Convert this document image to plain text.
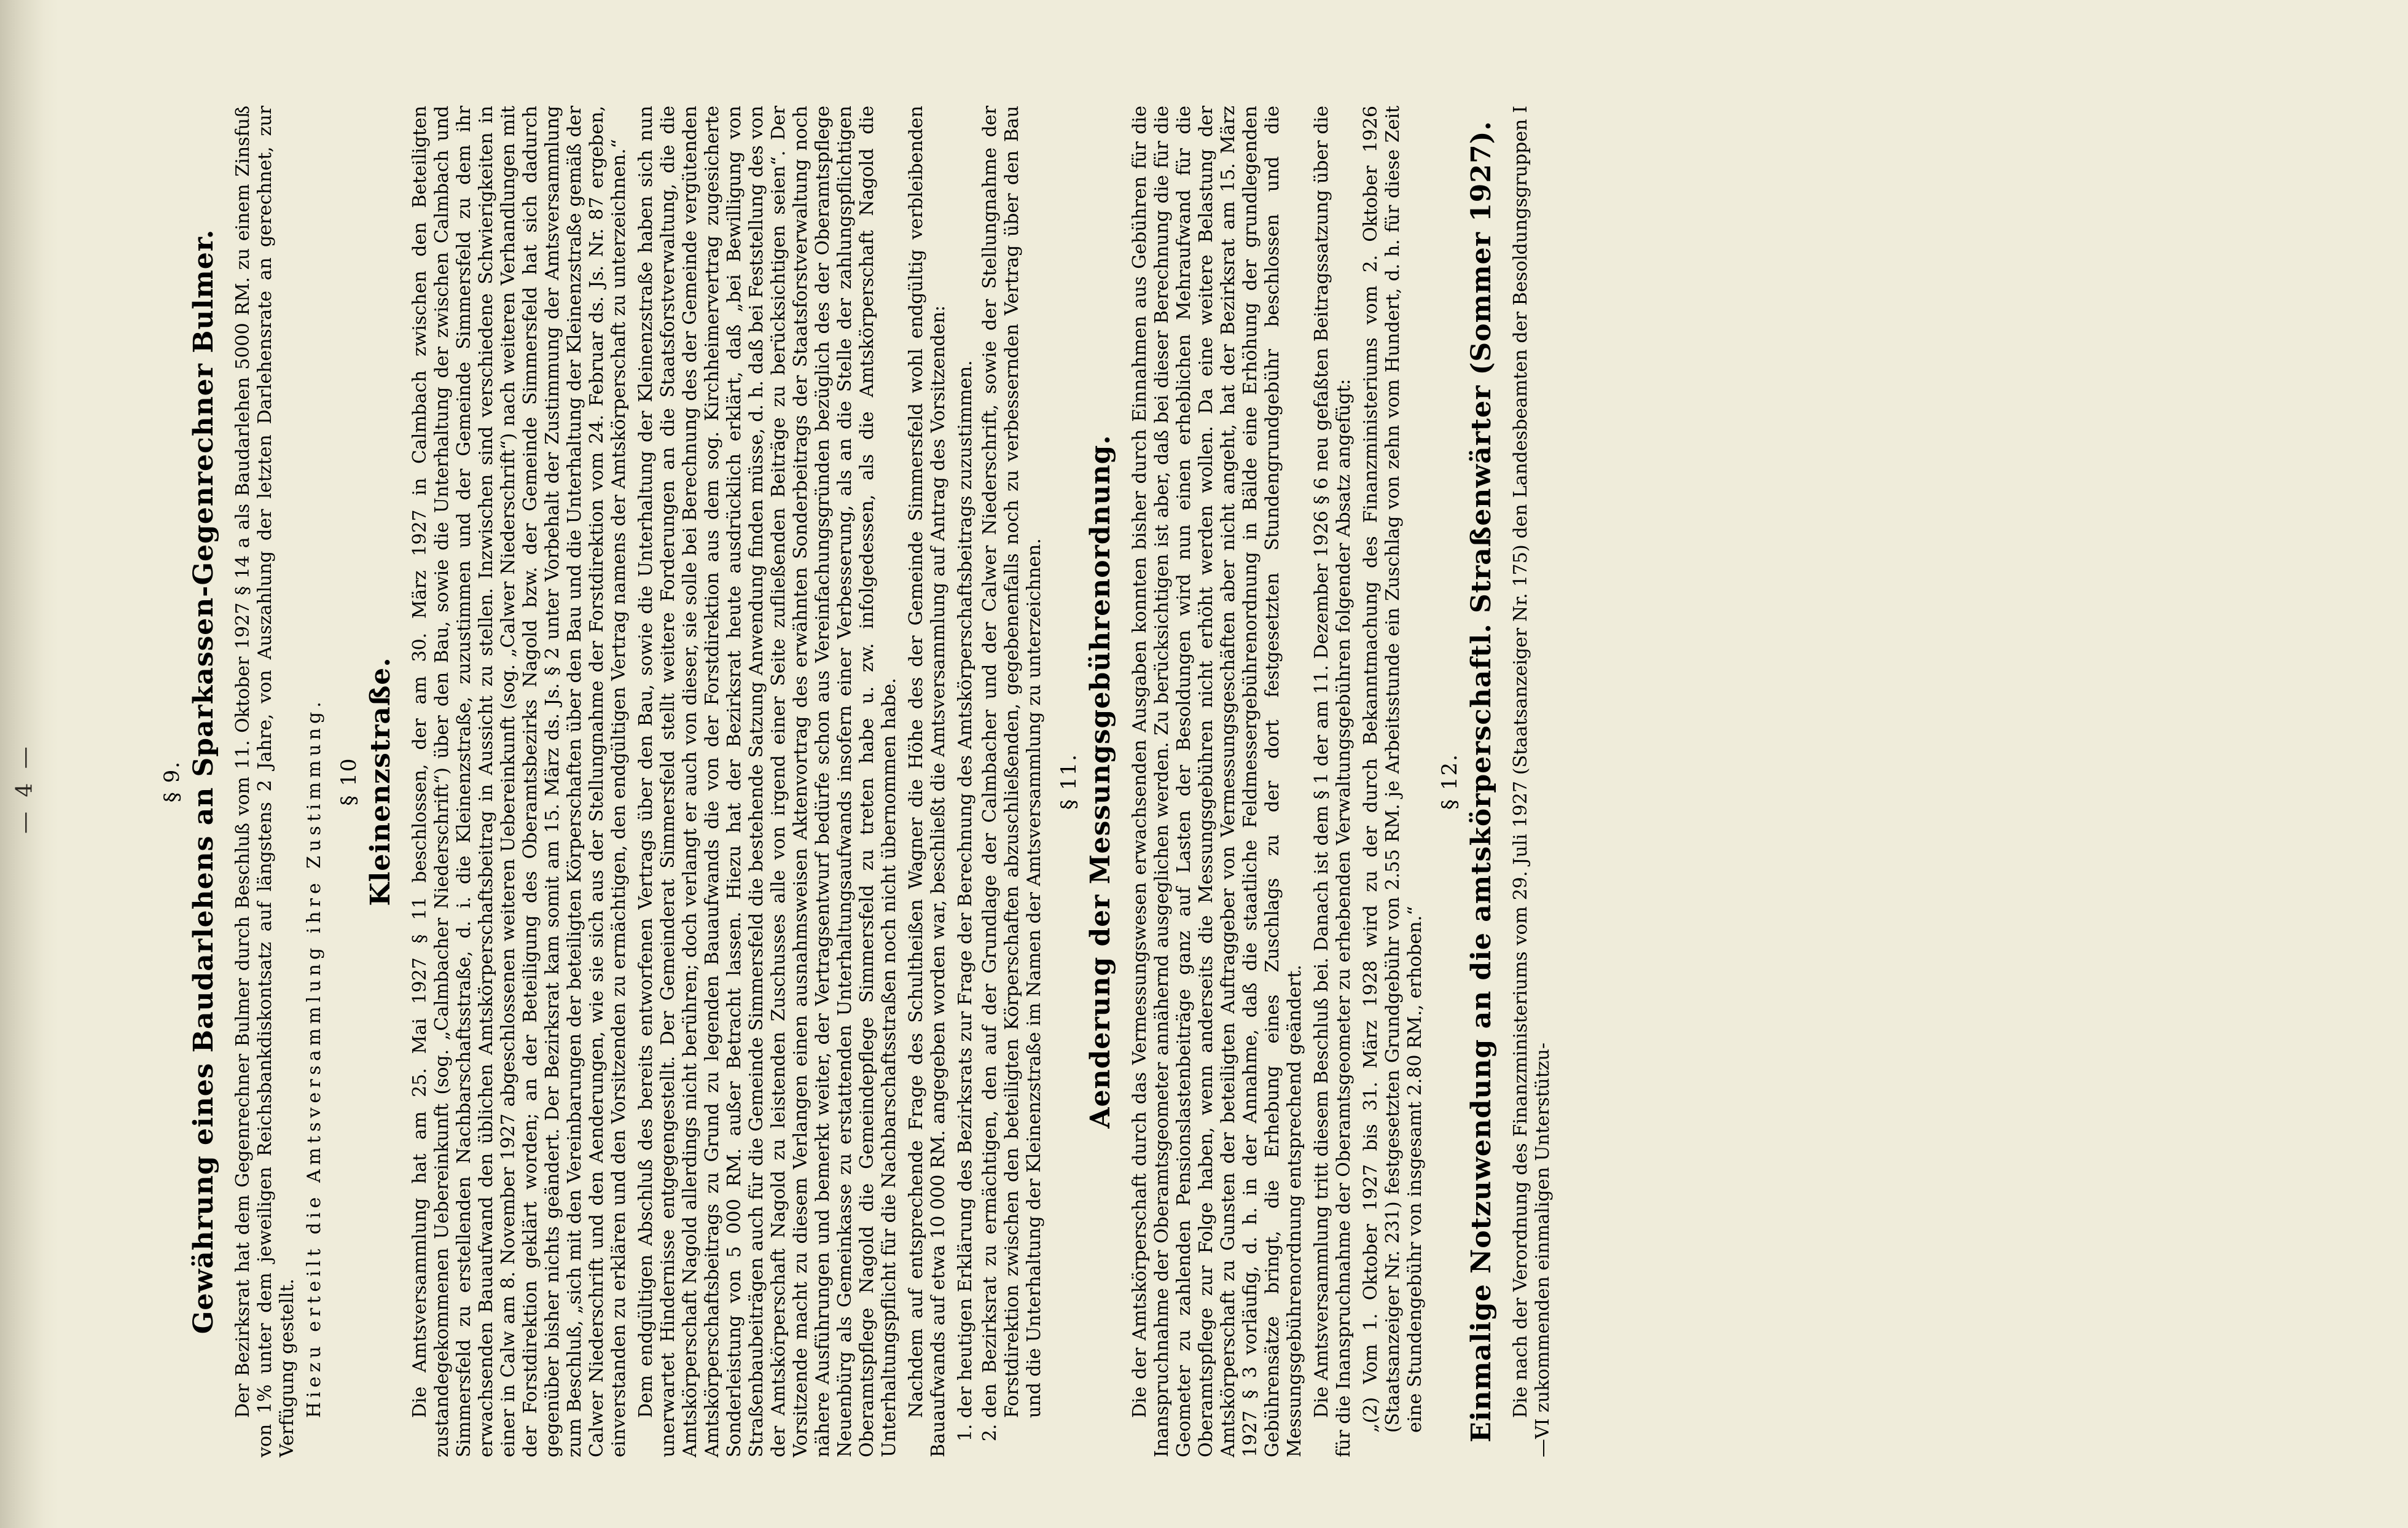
— 4 —	§ 9. Gewährung eines Baudarlehens an Sparkassen-Gegenrechner Bulmer. Der Bezirksrat hat dem Gegenrechner Bulmer durch Beschluß vom 11. Oktober 1927 § 14 a als Baudarlehen 5000 RM. zu einem Zinsfuß von 1% unter dem jeweiligen Reichsbankdiskontsatz auf längstens 2 Jahre, von Auszahlung der letzten Darlehensrate an gerechnet, zur Verfügung gestellt. Hiezu erteilt die Amtsversammlung ihre Zustimmung. § 10 Kleinenzstraße. Die Amtsversammlung hat am 25. Mai 1927 § 11 beschlossen, der am 30. März 1927 in Calmbach zwischen den Beteiligten zustandegekommenen Uebereinkunft (sog. „Calmbacher Niederschrift“) über den Bau, sowie die Unterhaltung der zwischen Calmbach und Simmersfeld zu erstellenden Nachbarschaftsstraße, d. i. die Kleinenzstraße, zuzustimmen und der Gemeinde Simmersfeld zu dem ihr erwachsenden Bauaufwand den üblichen Amtskörperschaftsbeitrag in Aussicht zu stellen. Inzwischen sind verschiedene Schwierigkeiten in einer in Calw am 8. November 1927 abgeschlossenen weiteren Uebereinkunft (sog. „Calwer Niederschrift“) nach weiteren Verhandlungen mit der Forstdirektion geklärt worden; an der Beteiligung des Oberamtsbezirks Nagold bzw. der Gemeinde Simmersfeld hat sich dadurch gegenüber bisher nichts geändert. Der Bezirksrat kam somit am 15. März ds. Js. § 2 unter Vorbehalt der Zustimmung der Amtsversammlung zum Beschluß, „sich mit den Vereinbarungen der beteiligten Körperschaften über den Bau und die Unterhaltung der Kleinenzstraße gemäß der Calwer Niederschrift und den Aenderungen, wie sie sich aus der Stellungnahme der Forstdirektion vom 24. Februar ds. Js. Nr. 87 ergeben, einverstanden zu erklären und den Vorsitzenden zu ermächtigen, den endgültigen Vertrag namens der Amtskörperschaft zu unterzeichnen.“ Dem endgültigen Abschluß des bereits entworfenen Vertrags über den Bau, sowie die Unterhaltung der Kleinenzstraße haben sich nun unerwartet Hindernisse entgegengestellt. Der Gemeinderat Simmersfeld stellt weitere Forderungen an die Staatsforstverwaltung, die die Amtskörperschaft Nagold allerdings nicht berühren; doch verlangt er auch von dieser, sie solle bei Berechnung des der Gemeinde vergütenden Amtskörperschaftsbeitrags zu Grund zu legenden Bauaufwands die von der Forstdirektion aus dem sog. Kirchheimervertrag zugesicherte Sonderleistung von 5 000 RM. außer Betracht lassen. Hiezu hat der Bezirksrat heute ausdrücklich erklärt, daß „bei Bewilligung von Straßenbaubeiträgen auch für die Gemeinde Simmersfeld die bestehende Satzung Anwendung finden müsse, d. h. daß bei Feststellung des von der Amtskörperschaft Nagold zu leistenden Zuschusses alle von irgend einer Seite zufließenden Beiträge zu berücksichtigen seien“. Der Vorsitzende macht zu diesem Verlangen einen ausnahmsweisen Aktenvortrag des erwähnten Sonderbeitrags der Staatsforstverwaltung noch nähere Ausführungen und bemerkt weiter, der Vertragsentwurf bedürfe schon aus Vereinfachungsgründen bezüglich des der Oberamtspflege Neuenbürg als Gemeinkasse zu erstattenden Unterhaltungsaufwands insofern einer Verbesserung, als an die Stelle der zahlungspflichtigen Oberamtspflege Nagold die Gemeindepflege Simmersfeld zu treten habe u. zw. infolgedessen, als die Amtskörperschaft Nagold die Unterhaltungspflicht für die Nachbarschaftsstraßen noch nicht übernommen habe. Nachdem auf entsprechende Frage des Schultheißen Wagner die Höhe des der Gemeinde Simmersfeld wohl endgültig verbleibenden Bauaufwands auf etwa 10 000 RM. angegeben worden war, beschließt die Amtsversammlung auf Antrag des Vorsitzenden: 1. der heutigen Erklärung des Bezirksrats zur Frage der Berechnung des Amtskörperschaftsbeitrags zuzustimmen. 2. den Bezirksrat zu ermächtigen, den auf der Grundlage der Calmbacher und der Calwer Niederschrift, sowie der Stellungnahme der Forstdirektion zwischen den beteiligten Körperschaften abzuschließenden, gegebenenfalls noch zu verbessernden Vertrag über den Bau und die Unterhaltung der Kleinenzstraße im Namen der Amtsversammlung zu unterzeichnen. § 11. Aenderung der Messungsgebührenordnung. Die der Amtskörperschaft durch das Vermessungswesen erwachsenden Ausgaben konnten bisher durch Einnahmen aus Gebühren für die Inanspruchnahme der Oberamtsgeometer annähernd ausgeglichen werden. Zu berücksichtigen ist aber, daß bei dieser Berechnung die für die Geometer zu zahlenden Pensionslastenbeiträge ganz auf Lasten der Besoldungen wird nun einen erheblichen Mehraufwand für die Oberamtspflege zur Folge haben, wenn anderseits die Messungsgebühren nicht erhöht werden wollen. Da eine weitere Belastung der Amtskörperschaft zu Gunsten der beteiligten Auftraggeber von Vermessungsgeschäften aber nicht angeht, hat der Bezirksrat am 15. März 1927 § 3 vorläufig, d. h. in der Annahme, daß die staatliche Feldmessergebührenordnung in Bälde eine Erhöhung der grundlegenden Gebührensätze bringt, die Erhebung eines Zuschlags zu der dort festgesetzten Stundengrundgebühr beschlossen und die Messungsgebührenordnung entsprechend geändert. Die Amtsversammlung tritt diesem Beschluß bei. Danach ist dem § 1 der am 11. Dezember 1926 § 6 neu gefaßten Beitragssatzung über die für die Inanspruchnahme der Oberamtsgeometer zu erhebenden Verwaltungsgebühren folgender Absatz angefügt: „(2) Vom 1. Oktober 1927 bis 31. März 1928 wird zu der durch Bekanntmachung des Finanzministeriums vom 2. Oktober 1926 (Staatsanzeiger Nr. 231) festgesetzten Grundgebühr von 2.55 RM. je Arbeitsstunde ein Zuschlag von zehn vom Hundert, d. h. für diese Zeit eine Stundengebühr von insgesamt 2.80 RM., erhoben.“
§ 12. Einmalige Notzuwendung an die amtskörperschaftl. Straßenwärter (Sommer 1927). Die nach der Verordnung des Finanzministeriums vom 29. Juli 1927 (Staatsanzeiger Nr. 175) den Landesbeamten der Besoldungsgruppen I—VI zukommenden einmaligen Unterstützu-
